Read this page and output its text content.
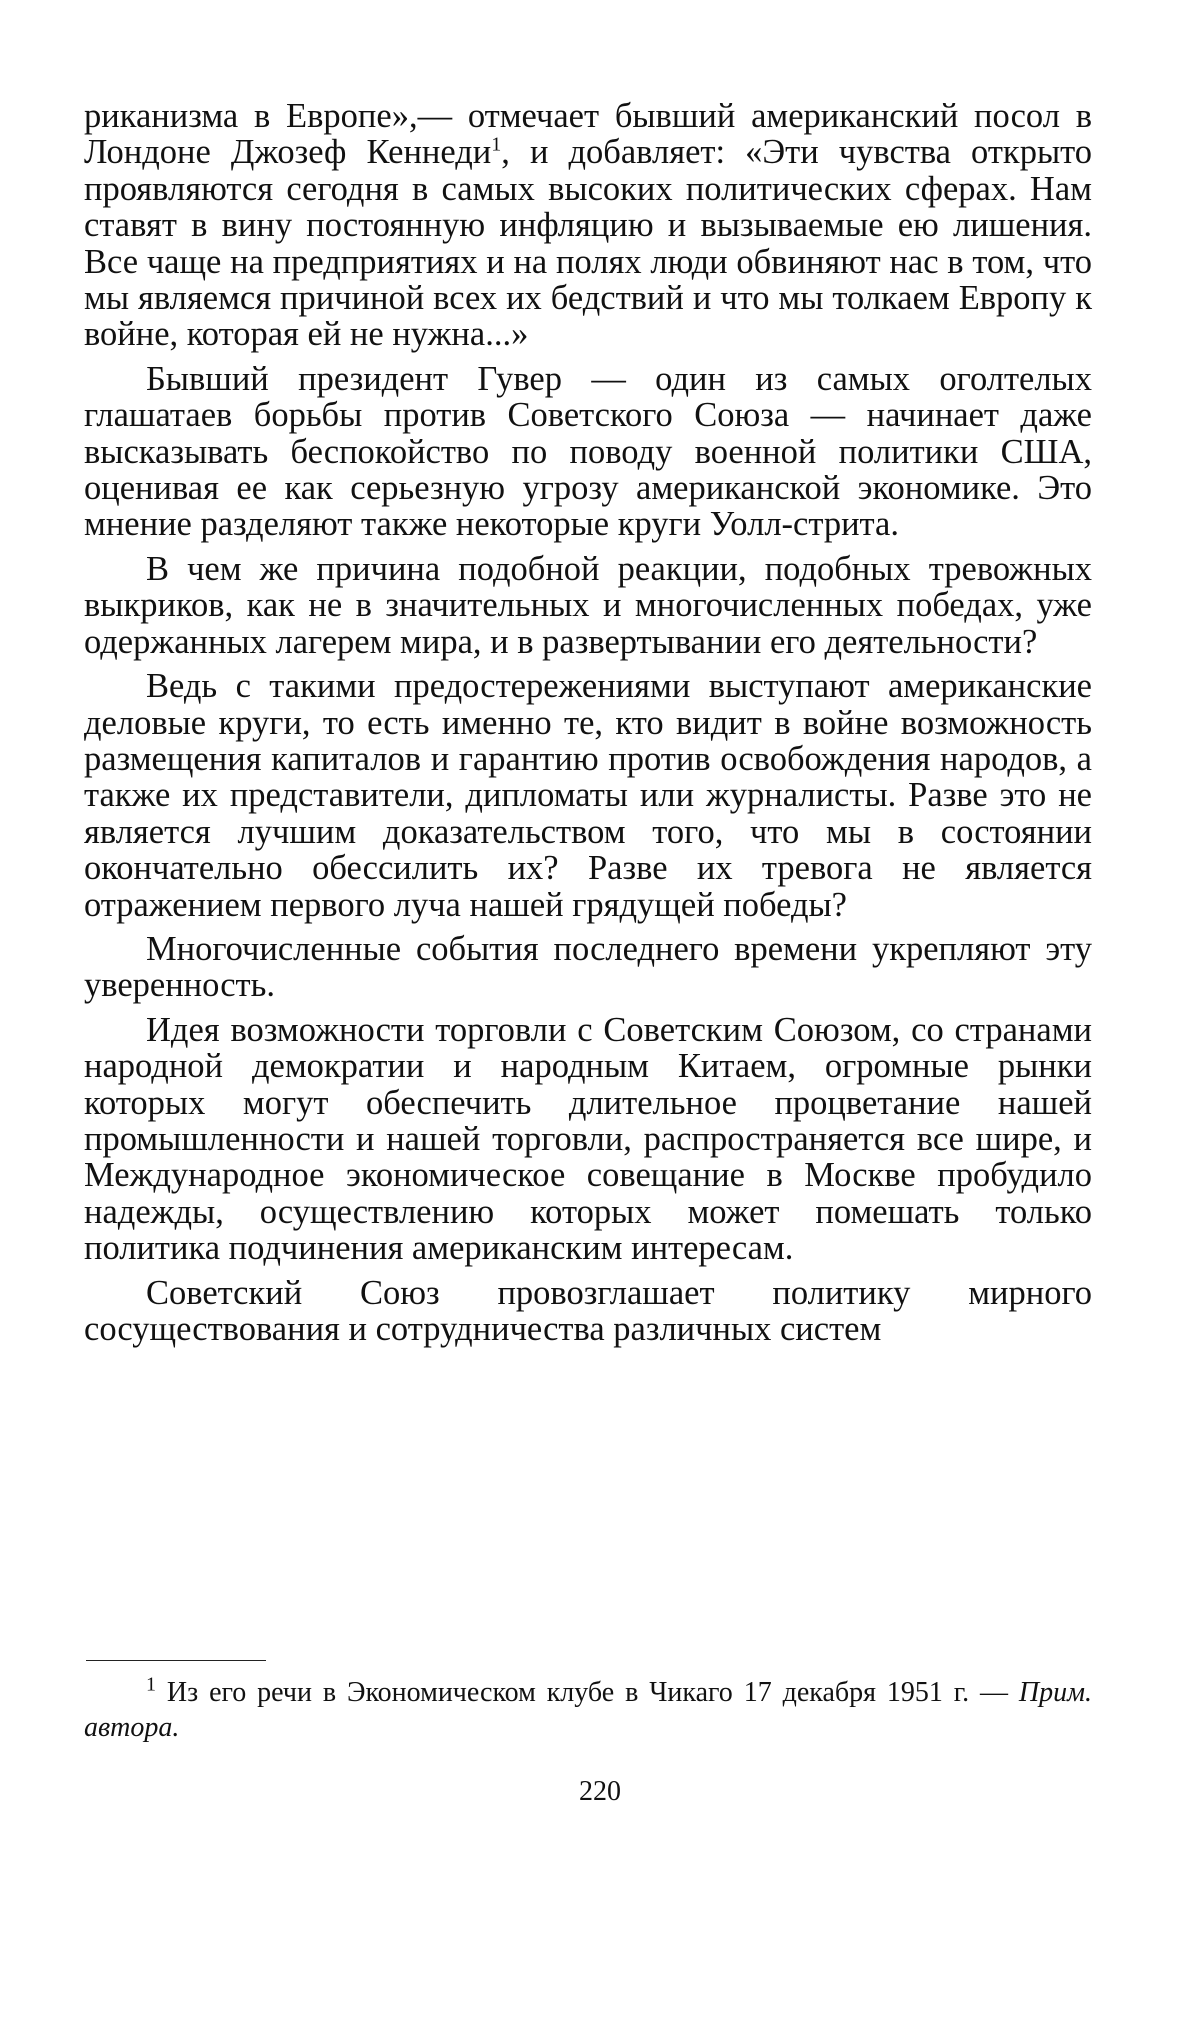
риканизма в Европе»,— отмечает бывший американский посол в Лондоне Джозеф Кеннеди$^1$, и добавляет: «Эти чувства открыто проявляются сегодня в самых высоких политических сферах. Нам ставят в вину постоянную инфляцию и вызываемые ею лишения. Все чаще на предприятиях и на полях люди обвиняют нас в том, что мы являемся причиной всех их бедствий и что мы толкаем Европу к войне, которая ей не нужна...»

Бывший президент Гувер — один из самых оголтелых глашатаев борьбы против Советского Союза — начинает даже высказывать беспокойство по поводу военной политики США, оценивая ее как серьезную угрозу американской экономике. Это мнение разделяют также некоторые круги Уолл-стрита.

В чем же причина подобной реакции, подобных тревожных выкриков, как не в значительных и многочисленных победах, уже одержанных лагерем мира, и в развертывании его деятельности?

Ведь с такими предостережениями выступают американские деловые круги, то есть именно те, кто видит в войне возможность размещения капиталов и гарантию против освобождения народов, а также их представители, дипломаты или журналисты. Разве это не является лучшим доказательством того, что мы в состоянии окончательно обессилить их? Разве их тревога не является отражением первого луча нашей грядущей победы?

Многочисленные события последнего времени укрепляют эту уверенность.

Идея возможности торговли с Советским Союзом, со странами народной демократии и народным Китаем, огромные рынки которых могут обеспечить длительное процветание нашей промышленности и нашей торговли, распространяется все шире, и Международное экономическое совещание в Москве пробудило надежды, осуществлению которых может помешать только политика подчинения американским интересам.

Советский Союз провозглашает политику мирного сосуществования и сотрудничества различных систем

$^1$ Из его речи в Экономическом клубе в Чикаго 17 декабря 1951 г. — Прим. автора.

220
